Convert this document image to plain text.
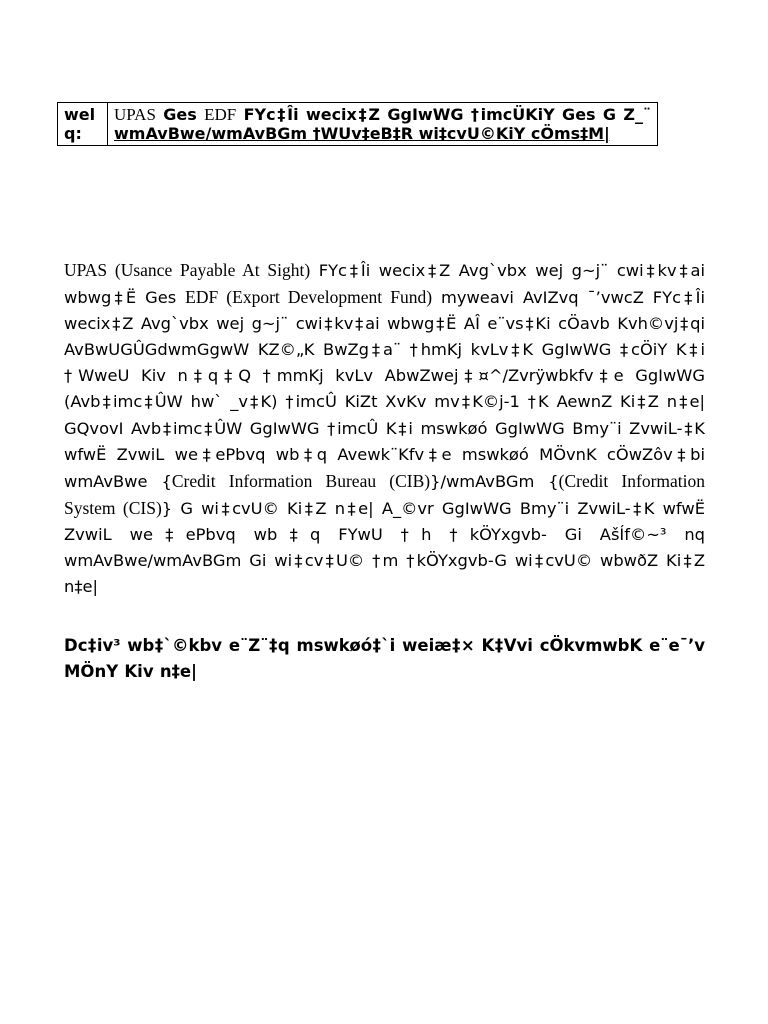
wel q:	UPAS Ges EDF FYc‡Îi wecix‡Z GgIwWG †imcÜKiY Ges G Z_¨ wmAvBwe/wmAvBGm †WUv‡eB‡R wi‡cvU©KiY cÖms‡M|

UPAS (Usance Payable At Sight) FYc‡Îi wecix‡Z Avg`vbx wej g~j¨ cwi‡kv‡ai wbwg‡Ë Ges EDF (Export Development Fund) myweavi AvIZvq ¯’vwcZ FYc‡Îi wecix‡Z Avg`vbx wej g~j¨ cwi‡kv‡ai wbwg‡Ë AÎ e¨vs‡Ki cÖavb Kvh©vj‡qi AvBwUGÛGdwmGgwW KZ©„K BwZg‡a¨ †hmKj kvLv‡K GgIwWG ‡cÖiY K‡i †WweU Kiv n‡q‡Q †mmKj kvLv AbwZwej‡¤^/Zvrÿwbkfv‡e GgIwWG (Avb‡imc‡ÛW hw` _v‡K) †imcÛ KiZt XvKv mv‡K©j-1 †K AewnZ Ki‡Z n‡e| GQvovI Avb‡imc‡ÛW GgIwWG †imcÛ K‡i mswkøó GgIwWG Bmy¨i ZvwiL-‡K wfwË ZvwiL we‡ePbvq wb‡q Avewk¨Kfv‡e mswkøó MÖvnK cÖwZôv‡bi wmAvBwe {Credit Information Bureau (CIB)}/wmAvBGm {(Credit Information System (CIS)} G wi‡cvU© Ki‡Z n‡e| A_©vr GgIwWG Bmy¨i ZvwiL-‡K wfwË ZvwiL we‡ePbvq wb‡q FYwU †h †kÖYxgvb- Gi AšÍf©~³ nq wmAvBwe/wmAvBGm Gi wi‡cv‡U© †m †kÖYxgvb-G wi‡cvU© wbwðZ Ki‡Z n‡e|

Dc‡iv³ wb‡`©kbv e¨Z¨‡q mswkøó‡`i weiæ‡× K‡Vvi cÖkvmwbK e¨e¯’v MÖnY Kiv n‡e|
